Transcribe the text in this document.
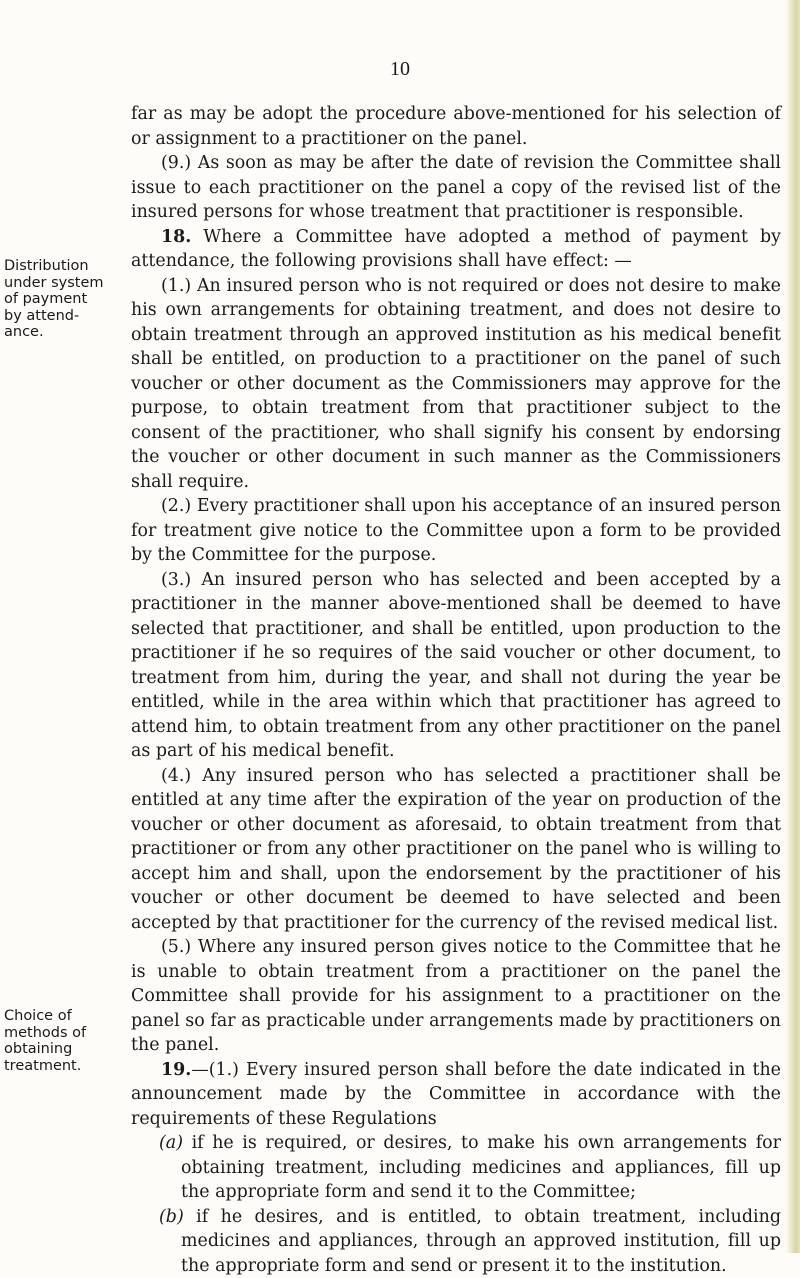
10
Distribution
under system
of payment
by attend-
ance.
Choice of
methods of
obtaining
treatment.

far as may be adopt the procedure above-mentioned for his selection of or assignment to a practitioner on the panel.

(9.) As soon as may be after the date of revision the Committee shall issue to each practitioner on the panel a copy of the revised list of the insured persons for whose treatment that practitioner is responsible.

18. Where a Committee have adopted a method of payment by attendance, the following provisions shall have effect: —

(1.) An insured person who is not required or does not desire to make his own arrangements for obtaining treatment, and does not desire to obtain treatment through an approved institution as his medical benefit shall be entitled, on production to a practitioner on the panel of such voucher or other document as the Commissioners may approve for the purpose, to obtain treatment from that practitioner subject to the consent of the practitioner, who shall signify his consent by endorsing the voucher or other document in such manner as the Commissioners shall require.

(2.) Every practitioner shall upon his acceptance of an insured person for treatment give notice to the Committee upon a form to be provided by the Committee for the purpose.

(3.) An insured person who has selected and been accepted by a practitioner in the manner above-mentioned shall be deemed to have selected that practitioner, and shall be entitled, upon production to the practitioner if he so requires of the said voucher or other document, to treatment from him, during the year, and shall not during the year be entitled, while in the area within which that practitioner has agreed to attend him, to obtain treatment from any other practitioner on the panel as part of his medical benefit.

(4.) Any insured person who has selected a practitioner shall be entitled at any time after the expiration of the year on production of the voucher or other document as aforesaid, to obtain treatment from that practitioner or from any other practitioner on the panel who is willing to accept him and shall, upon the endorsement by the practitioner of his voucher or other document be deemed to have selected and been accepted by that practitioner for the currency of the revised medical list.

(5.) Where any insured person gives notice to the Committee that he is unable to obtain treatment from a practitioner on the panel the Committee shall provide for his assignment to a practitioner on the panel so far as practicable under arrangements made by practitioners on the panel.

19.—(1.) Every insured person shall before the date indicated in the announcement made by the Committee in accordance with the requirements of these Regulations

(a) if he is required, or desires, to make his own arrangements for obtaining treatment, including medicines and appliances, fill up the appropriate form and send it to the Committee;

(b) if he desires, and is entitled, to obtain treatment, including medicines and appliances, through an approved institution, fill up the appropriate form and send or present it to the institution.
